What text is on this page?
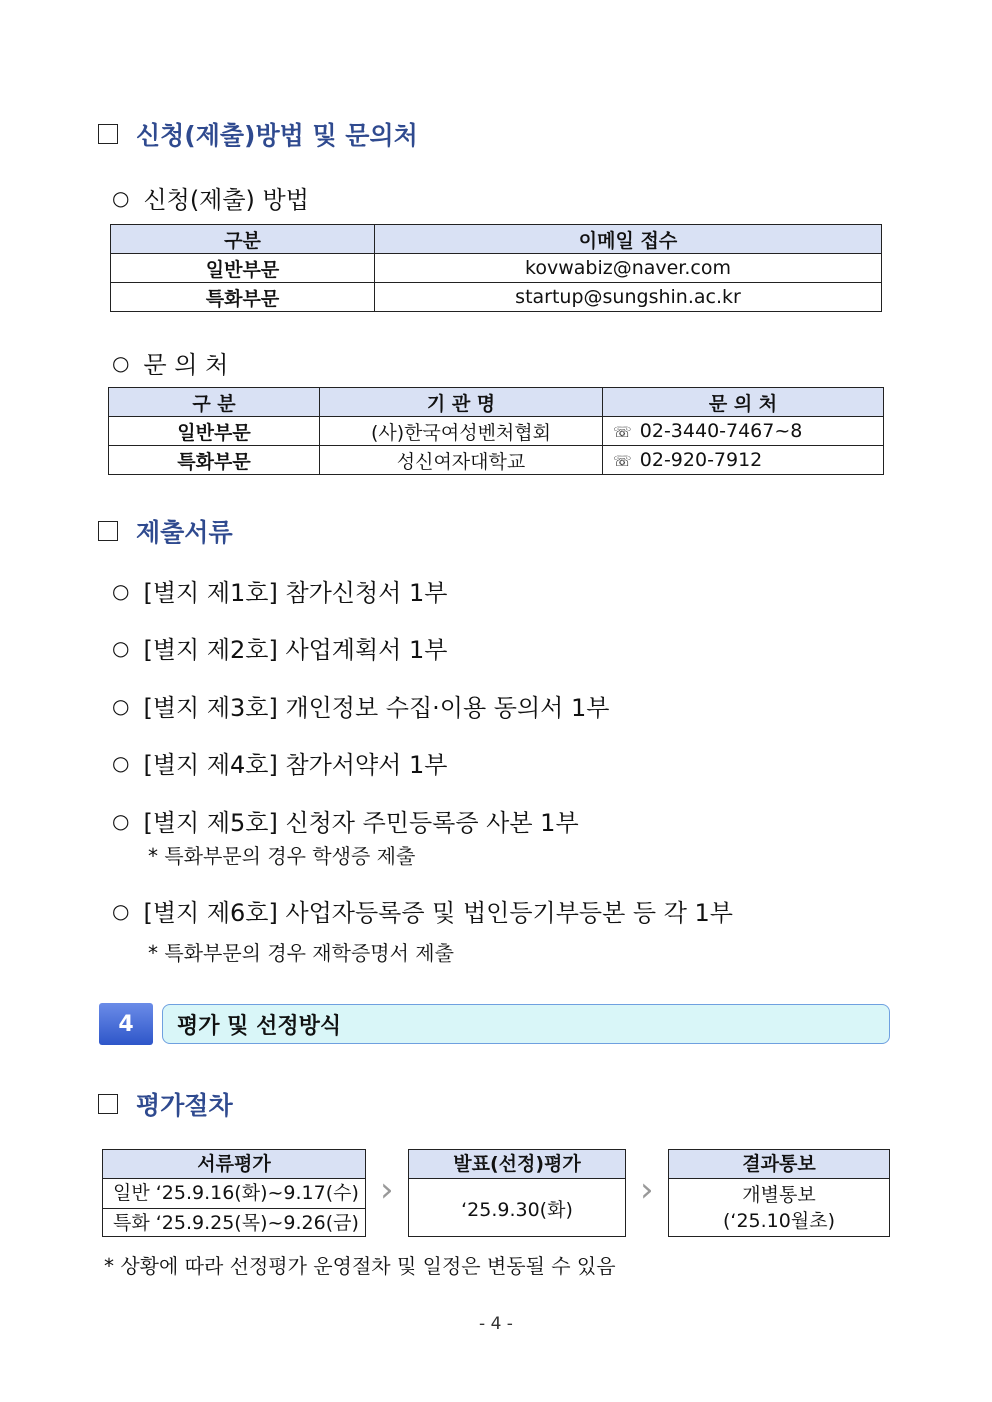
신청(제출)방법 및 문의처
○ 신청(제출) 방법
구분	이메일 접수
일반부문	kovwabiz@naver.com
특화부문	startup@sungshin.ac.kr
○ 문 의 처
구 분	기 관 명	문 의 처
일반부문	(사)한국여성벤처협회	☏ 02-3440-7467~8
특화부문	성신여자대학교	☏ 02-920-7912
제출서류
○ [별지 제1호] 참가신청서 1부
○ [별지 제2호] 사업계획서 1부
○ [별지 제3호] 개인정보 수집·이용 동의서 1부
○ [별지 제4호] 참가서약서 1부
○ [별지 제5호] 신청자 주민등록증 사본 1부
* 특화부문의 경우 학생증 제출
○ [별지 제6호] 사업자등록증 및 법인등기부등본 등 각 1부
* 특화부문의 경우 재학증명서 제출
4	평가 및 선정방식
평가절차
서류평가
일반 ‘25.9.16(화)~9.17(수)
특화 ‘25.9.25(목)~9.26(금)
›
발표(선정)평가
‘25.9.30(화)	›
결과통보
개별통보
(‘25.10월초)
* 상황에 따라 선정평가 운영절차 및 일정은 변동될 수 있음
- 4 -
